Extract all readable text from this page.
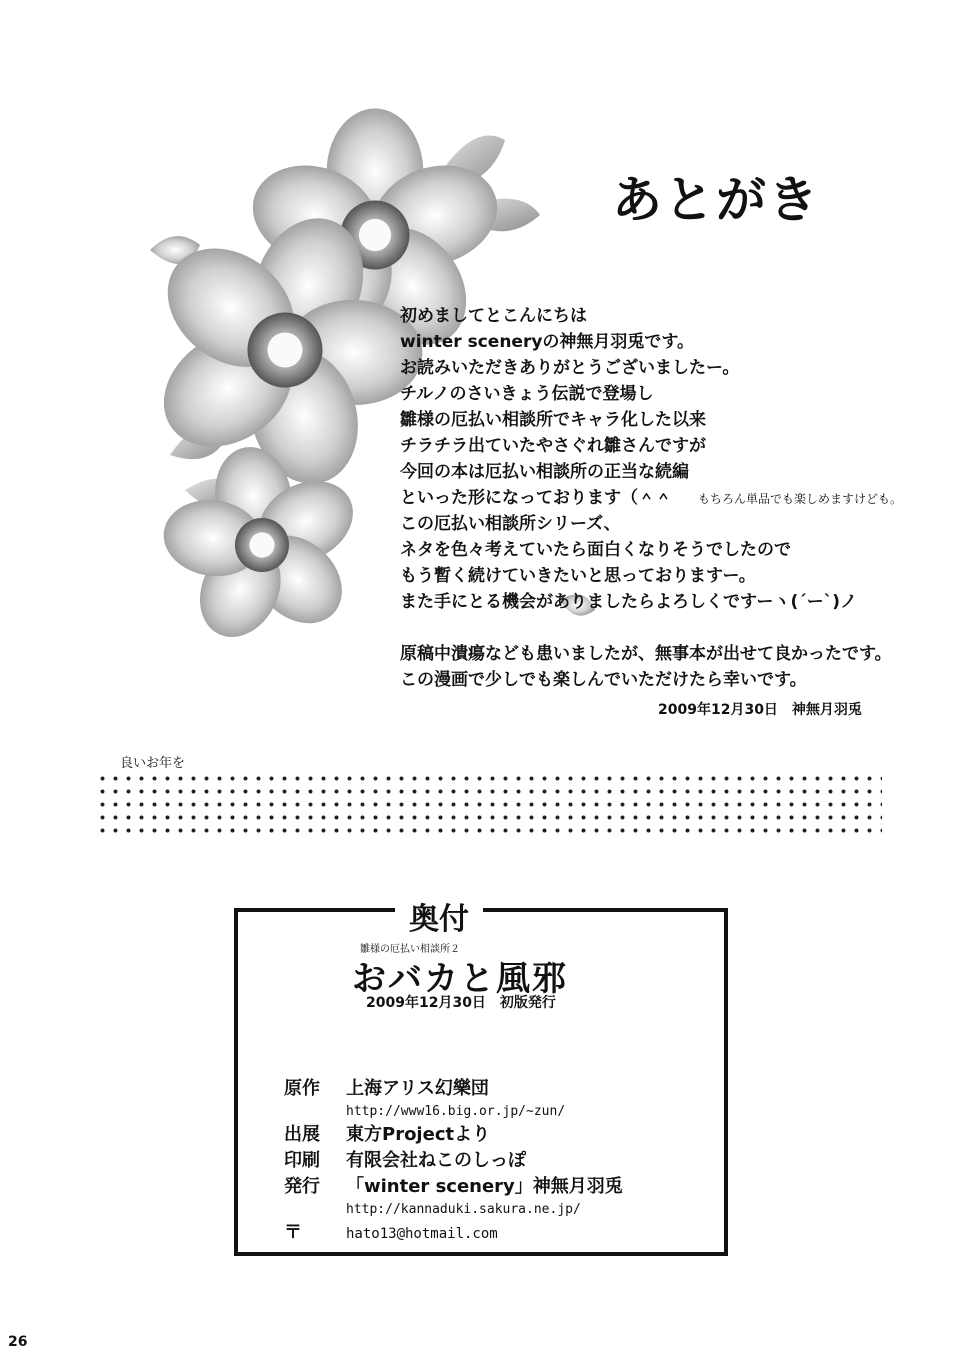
あとがき
初めましてとこんにちは
winter sceneryの神無月羽兎です。
お読みいただきありがとうございましたー。
チルノのさいきょう伝説で登場し
雛様の厄払い相談所でキャラ化した以来
チラチラ出ていたやさぐれ雛さんですが
今回の本は厄払い相談所の正当な続編
といった形になっております（＾＾ もちろん単品でも楽しめますけども。
この厄払い相談所シリーズ、
ネタを色々考えていたら面白くなりそうでしたので
もう暫く続けていきたいと思っておりますー。
また手にとる機会がありましたらよろしくですーヽ(´ー`)ノ
原稿中潰瘍なども患いましたが、無事本が出せて良かったです。
この漫画で少しでも楽しんでいただけたら幸いです。
2009年12月30日　神無月羽兎
良いお年を
奥付
雛様の厄払い相談所２
おバカと風邪
2009年12月30日　初版発行
原作	上海アリス幻樂団
http://www16.big.or.jp/~zun/
出展	東方Projectより
印刷	有限会社ねこのしっぽ
発行	「winter scenery」神無月羽兎
http://kannaduki.sakura.ne.jp/
〒	hato13@hotmail.com
26
